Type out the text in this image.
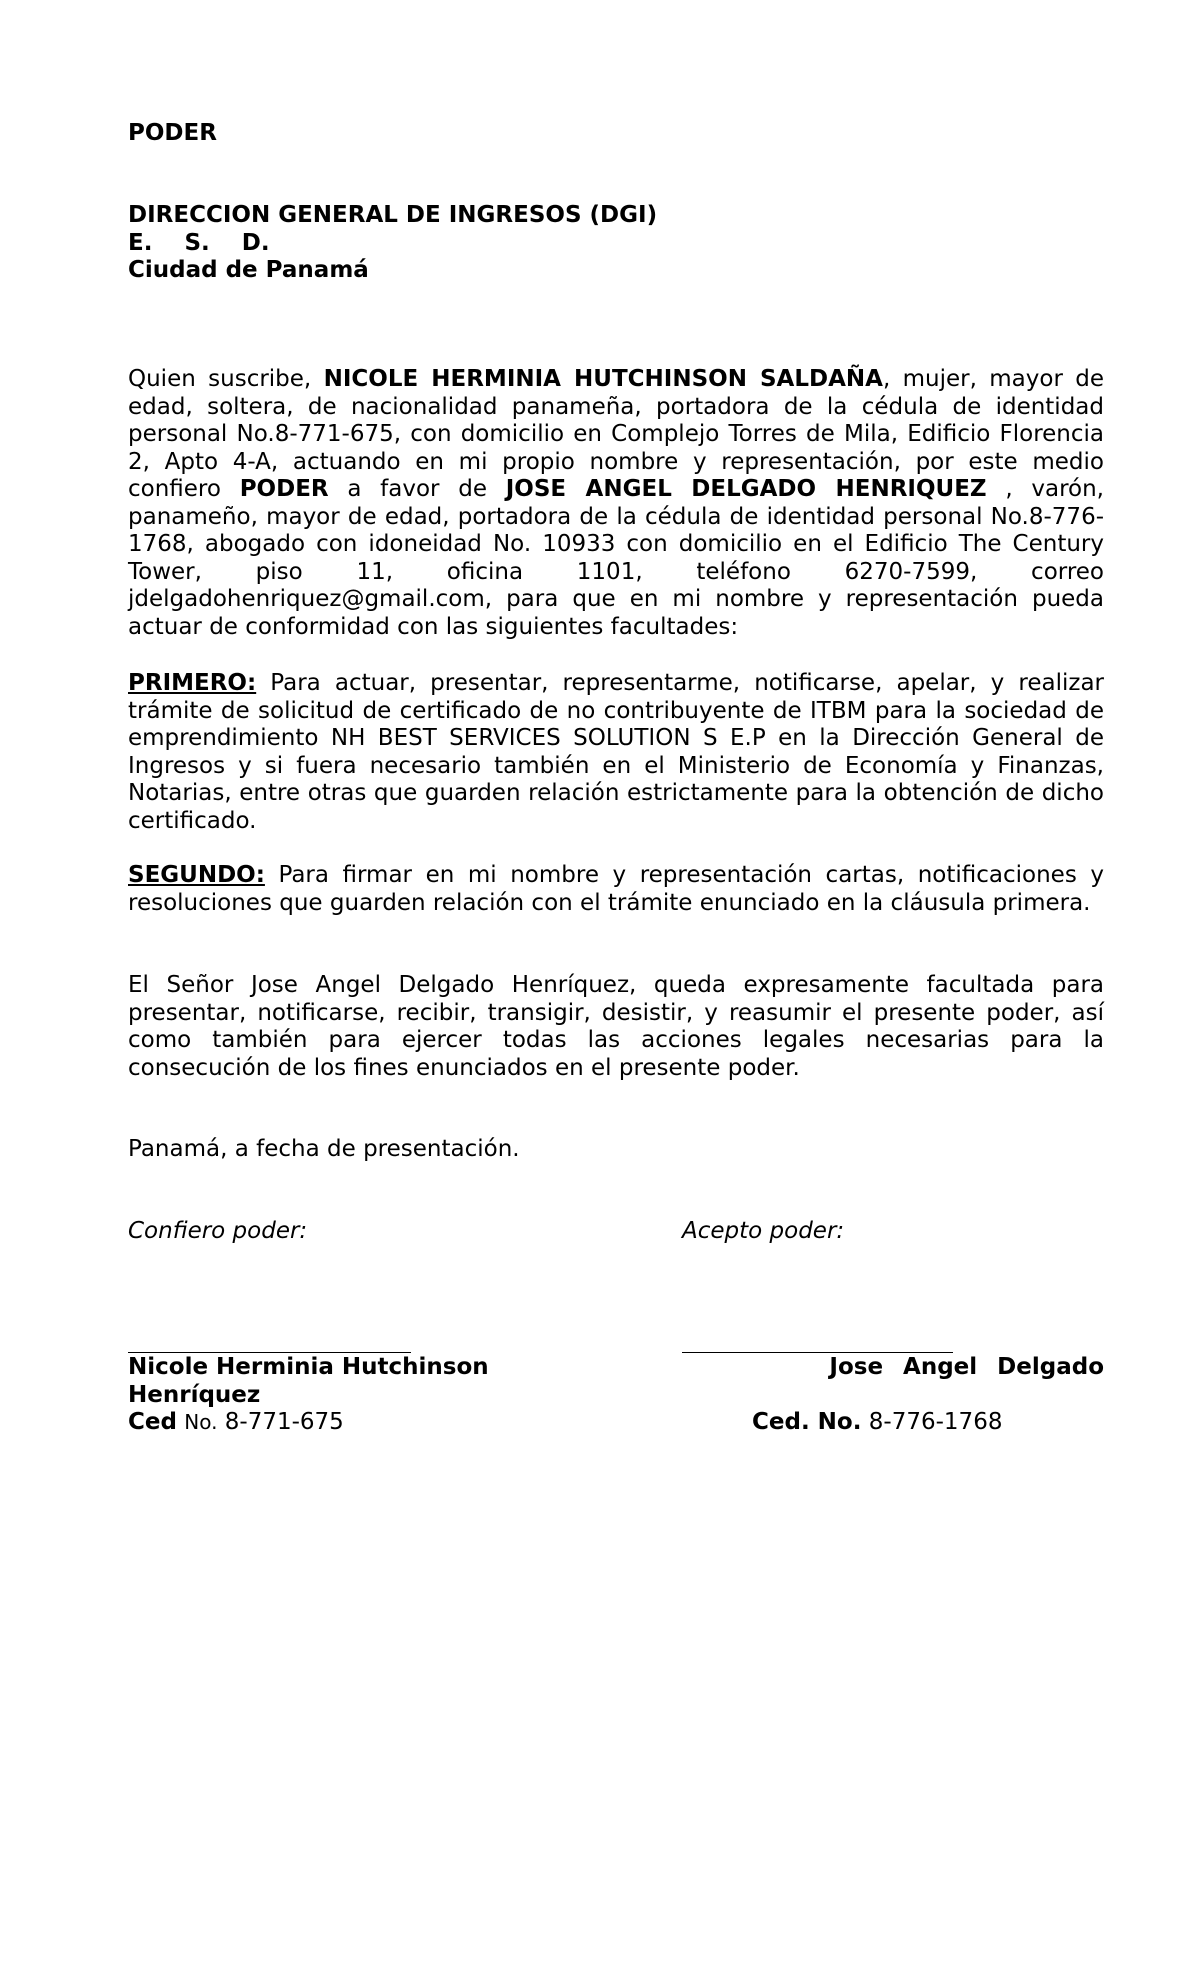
PODER
DIRECCION GENERAL DE INGRESOS (DGI)
E.    S.    D.
Ciudad de Panamá
Quien suscribe, NICOLE HERMINIA HUTCHINSON SALDAÑA, mujer, mayor de edad, soltera, de nacionalidad panameña, portadora de la cédula de identidad personal No.8-771-675, con domicilio en Complejo Torres de Mila, Edificio Florencia 2, Apto 4-A, actuando en mi propio nombre y representación, por este medio confiero PODER a favor de JOSE ANGEL DELGADO HENRIQUEZ , varón, panameño, mayor de edad, portadora de la cédula de identidad personal No.8-776-1768, abogado con idoneidad No. 10933 con domicilio en el Edificio The Century Tower, piso 11, oficina 1101, teléfono 6270-7599, correo jdelgadohenriquez@gmail.com, para que en mi nombre y representación pueda actuar de conformidad con las siguientes facultades:
PRIMERO: Para actuar, presentar, representarme, notificarse, apelar, y realizar trámite de solicitud de certificado de no contribuyente de ITBM para la sociedad de emprendimiento NH BEST SERVICES SOLUTION S E.P en la Dirección General de Ingresos y si fuera necesario también en el Ministerio de Economía y Finanzas, Notarias, entre otras que guarden relación estrictamente para la obtención de dicho certificado.
SEGUNDO: Para firmar en mi nombre y representación cartas, notificaciones y resoluciones que guarden relación con el trámite enunciado en la cláusula primera.
El Señor Jose Angel Delgado Henríquez, queda expresamente facultada para presentar, notificarse, recibir, transigir, desistir, y reasumir el presente poder, así como también para ejercer todas las acciones legales necesarias para la consecución de los fines enunciados en el presente poder.
Panamá, a fecha de presentación.
Confiero poder:	Acepto poder:
Nicole Herminia Hutchinson Henríquez
Ced No. 8-771-675
Jose Angel Delgado
Ced. No. 8-776-1768
